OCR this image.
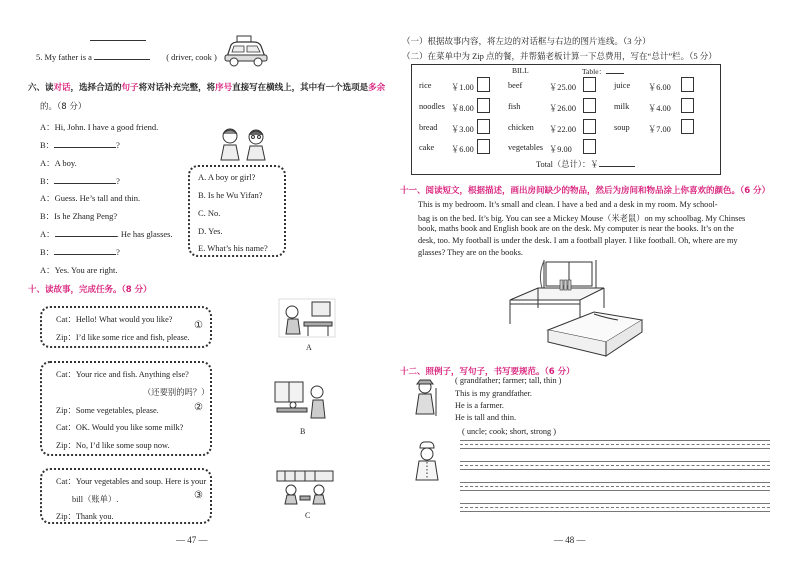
5. My father is a	( driver, cook )
六、读对话，选择合适的句子将对话补充完整，将序号直接写在横线上，其中有一个选项是多余
的。（8 分）
A：Hi, John. I have a good friend.
B：	?
A：A boy.
B：	?
A：Guess. He’s tall and thin.
B：Is he Zhang Peng?
A：	. He has glasses.
B：	?
A：Yes. You are right.
A. A boy or girl?
B. Is he Wu Yifan?
C. No.
D. Yes.
E. What’s his name?
十、读故事，完成任务。（8 分）
Cat：Hello! What would you like?
Zip：I’d like some rice and fish, please.
①
Cat：Your rice and fish. Anything else?
（还要别的吗？）
Zip：Some vegetables, please.
Cat：OK. Would you like some milk?
Zip：No, I’d like some soup now.
②
Cat：Your vegetables and soup. Here is your
bill（账单）.
Zip：Thank you.
③
A
B
C
— 47 —
（一）根据故事内容，将左边的对话框与右边的图片连线。（3 分）
（二）在菜单中为 Zip 点的餐，并帮猫老板计算一下总费用，写在“总计”栏。（5 分）
BILL	Table：
rice ￥1.00	beef	￥25.00	juice ￥6.00
noodles ￥8.00	fish	￥26.00	milk ￥4.00
bread ￥3.00	chicken ￥22.00	soup ￥7.00
cake ￥6.00	vegetables ￥9.00
Total（总计）：￥
十一、阅读短文，根据描述，画出房间缺少的物品，然后为房间和物品涂上你喜欢的颜色。（6 分）
This is my bedroom. It’s small and clean. I have a bed and a desk in my room. My school-
bag is on the bed. It’s big. You can see a Mickey Mouse（米老鼠）on my schoolbag. My Chinses
book, maths book and English book are on the desk. My computer is near the books. It’s on the
desk, too. My football is under the desk. I am a football player. I like football. Oh, where are my
glasses? They are on the books.
十二、照例子，写句子，书写要规范。（6 分）
( grandfather; farmer; tall, thin )
This is my grandfather.
He is a farmer.
He is tall and thin.
( uncle; cook; short, strong )
— 48 —
